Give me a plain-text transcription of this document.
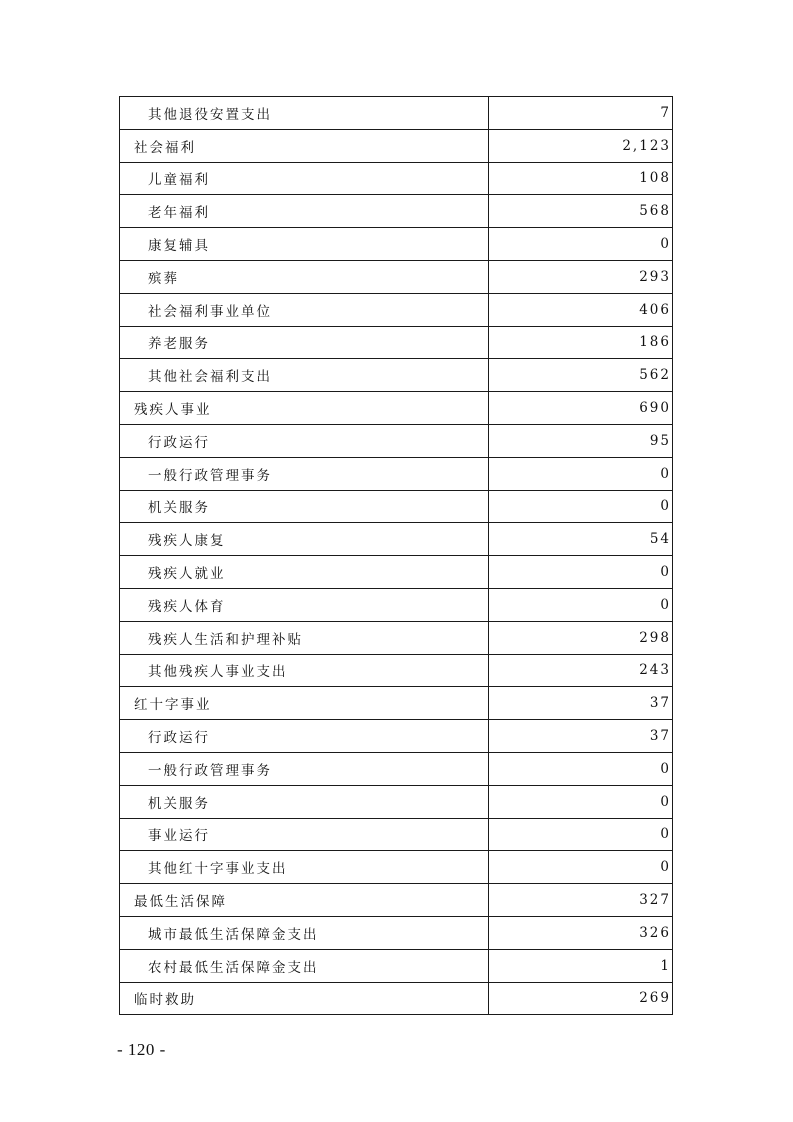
其他退役安置支出	7
社会福利	2,123
儿童福利	108
老年福利	568
康复辅具	0
殡葬	293
社会福利事业单位	406
养老服务	186
其他社会福利支出	562
残疾人事业	690
行政运行	95
一般行政管理事务	0
机关服务	0
残疾人康复	54
残疾人就业	0
残疾人体育	0
残疾人生活和护理补贴	298
其他残疾人事业支出	243
红十字事业	37
行政运行	37
一般行政管理事务	0
机关服务	0
事业运行	0
其他红十字事业支出	0
最低生活保障	327
城市最低生活保障金支出	326
农村最低生活保障金支出	1
临时救助	269
- 120 -
